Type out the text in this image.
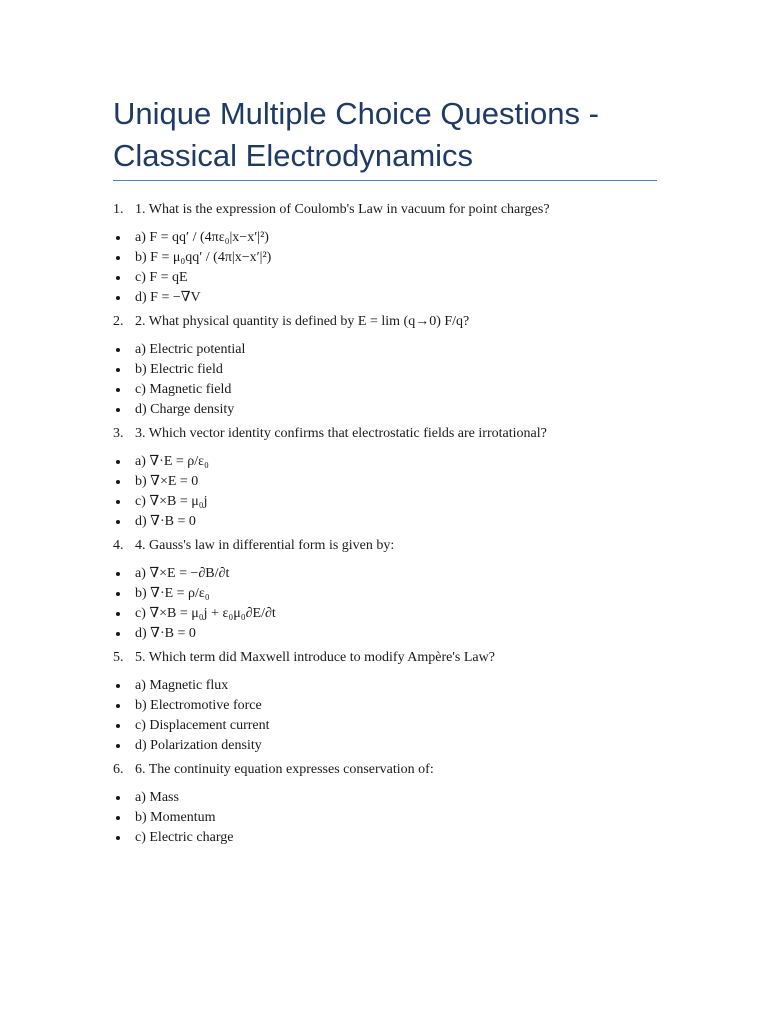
Unique Multiple Choice Questions -
Classical Electrodynamics
1. 1. What is the expression of Coulomb's Law in vacuum for point charges?
a) F = qq′ / (4πε₀|x−x′|²)
b) F = μ₀qq′ / (4π|x−x′|²)
c) F = qE
d) F = −∇V
2. 2. What physical quantity is defined by E = lim (q→0) F/q?
a) Electric potential
b) Electric field
c) Magnetic field
d) Charge density
3. 3. Which vector identity confirms that electrostatic fields are irrotational?
a) ∇·E = ρ/ε₀
b) ∇×E = 0
c) ∇×B = μ₀j
d) ∇·B = 0
4. 4. Gauss's law in differential form is given by:
a) ∇×E = −∂B/∂t
b) ∇·E = ρ/ε₀
c) ∇×B = μ₀j + ε₀μ₀∂E/∂t
d) ∇·B = 0
5. 5. Which term did Maxwell introduce to modify Ampère's Law?
a) Magnetic flux
b) Electromotive force
c) Displacement current
d) Polarization density
6. 6. The continuity equation expresses conservation of:
a) Mass
b) Momentum
c) Electric charge
